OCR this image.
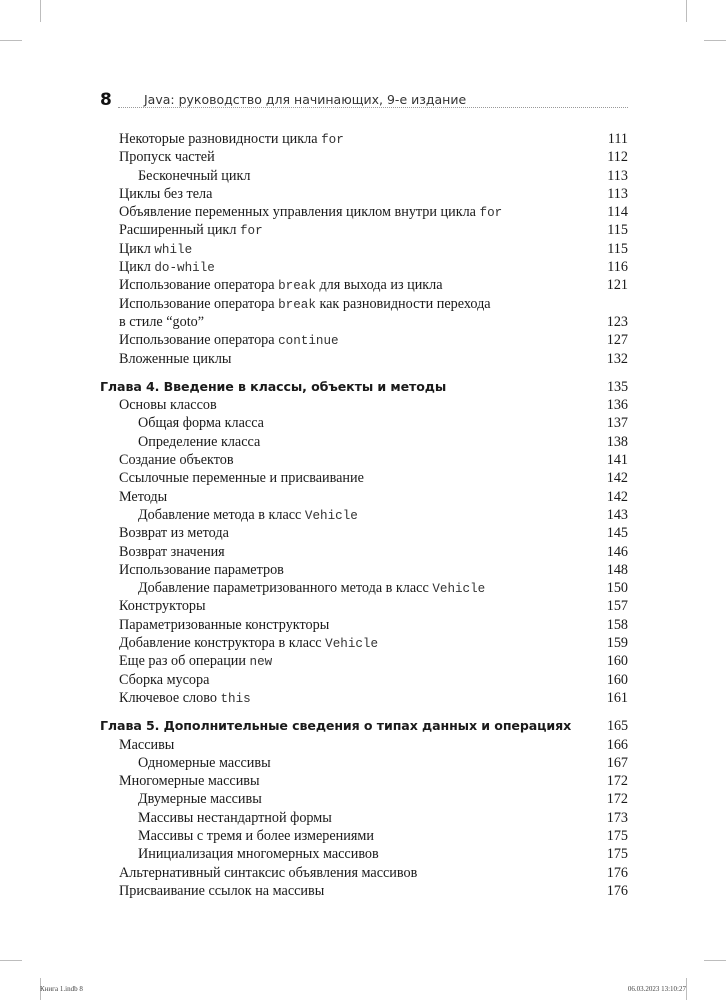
8	Java: руководство для начинающих, 9-е издание
Некоторые разновидности цикла for	111
Пропуск частей	112
Бесконечный цикл	113
Циклы без тела	113
Объявление переменных управления циклом внутри цикла for	114
Расширенный цикл for	115
Цикл while	115
Цикл do-while	116
Использование оператора break для выхода из цикла	121
Использование оператора break как разновидности перехода
в стиле “goto”	123
Использование оператора continue	127
Вложенные циклы	132
Глава 4. Введение в классы, объекты и методы	135
Основы классов	136
Общая форма класса	137
Определение класса	138
Создание объектов	141
Ссылочные переменные и присваивание	142
Методы	142
Добавление метода в класс Vehicle	143
Возврат из метода	145
Возврат значения	146
Использование параметров	148
Добавление параметризованного метода в класс Vehicle	150
Конструкторы	157
Параметризованные конструкторы	158
Добавление конструктора в класс Vehicle	159
Еще раз об операции new	160
Сборка мусора	160
Ключевое слово this	161
Глава 5. Дополнительные сведения о типах данных и операциях	165
Массивы	166
Одномерные массивы	167
Многомерные массивы	172
Двумерные массивы	172
Массивы нестандартной формы	173
Массивы с тремя и более измерениями	175
Инициализация многомерных массивов	175
Альтернативный синтаксис объявления массивов	176
Присваивание ссылок на массивы	176
Книга 1.indb 8	06.03.2023 13:10:27
